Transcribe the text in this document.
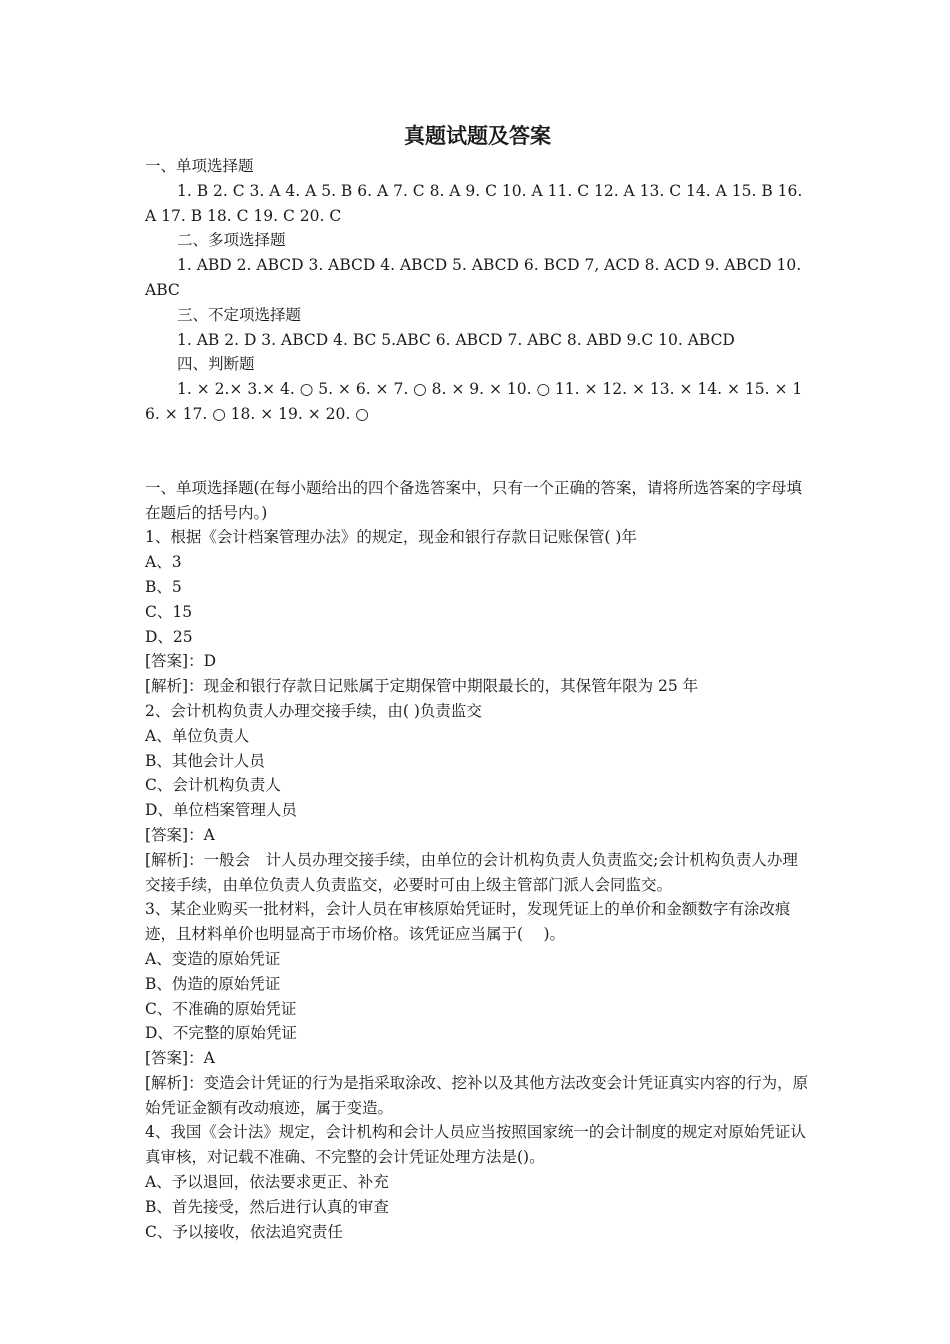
真题试题及答案

一、单项选择题

1. B 2. C 3. A 4. A 5. B 6. A 7. C 8. A 9. C 10. A 11. C 12. A 13. C 14. A 15. B 16. A 17. B 18. C 19. C 20. C

二、多项选择题

1. ABD 2. ABCD 3. ABCD 4. ABCD 5. ABCD 6. BCD 7, ACD 8. ACD 9. ABCD 10. ABC

三、不定项选择题

1. AB 2. D 3. ABCD 4. BC 5.ABC 6. ABCD 7. ABC 8. ABD 9.C 10. ABCD

四、判断题

1. × 2.× 3.× 4. ○ 5. × 6. × 7. ○ 8. × 9. × 10. ○ 11. × 12. × 13. × 14. × 15. × 16. × 17. ○ 18. × 19. × 20. ○

一、单项选择题(在每小题给出的四个备选答案中，只有一个正确的答案，请将所选答案的字母填在题后的括号内。)

1、根据《会计档案管理办法》的规定，现金和银行存款日记账保管( )年

A、3

B、5

C、15

D、25

[答案]：D

[解析]：现金和银行存款日记账属于定期保管中期限最长的，其保管年限为 25 年

2、会计机构负责人办理交接手续，由( )负责监交

A、单位负责人

B、其他会计人员

C、会计机构负责人

D、单位档案管理人员

[答案]：A

[解析]：一般会　计人员办理交接手续，由单位的会计机构负责人负责监交;会计机构负责人办理交接手续，由单位负责人负责监交，必要时可由上级主管部门派人会同监交。

3、某企业购买一批材料，会计人员在审核原始凭证时，发现凭证上的单价和金额数字有涂改痕迹，且材料单价也明显高于市场价格。该凭证应当属于(　 )。

A、变造的原始凭证

B、伪造的原始凭证

C、不准确的原始凭证

D、不完整的原始凭证

[答案]：A

[解析]：变造会计凭证的行为是指采取涂改、挖补以及其他方法改变会计凭证真实内容的行为，原始凭证金额有改动痕迹，属于变造。

4、我国《会计法》规定，会计机构和会计人员应当按照国家统一的会计制度的规定对原始凭证认真审核，对记载不准确、不完整的会计凭证处理方法是()。

A、予以退回，依法要求更正、补充

B、首先接受，然后进行认真的审查

C、予以接收，依法追究责任
